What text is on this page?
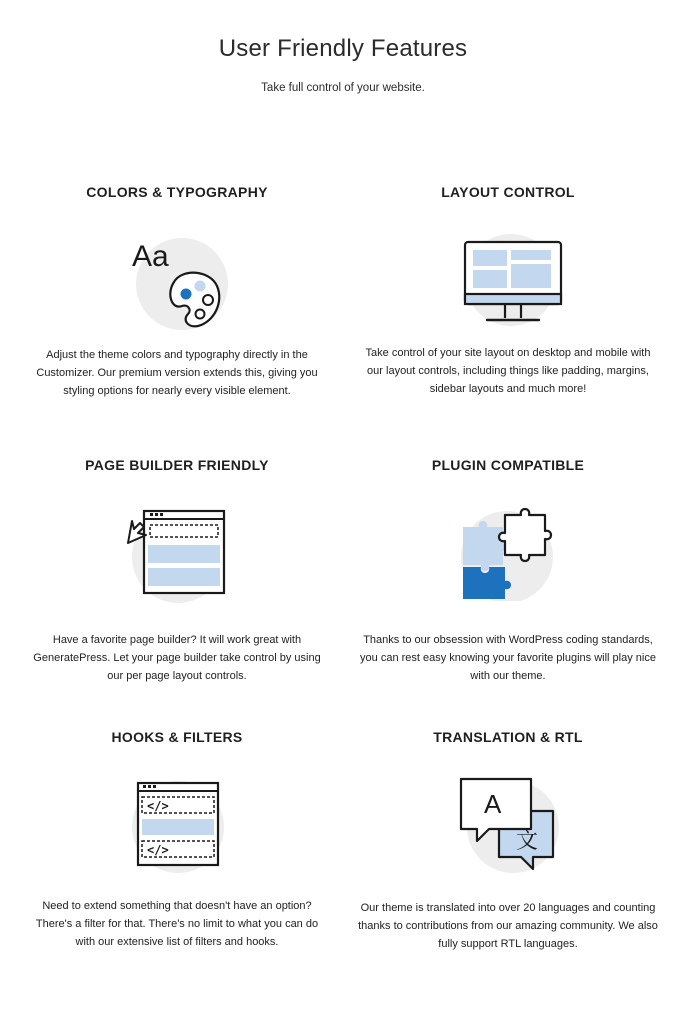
User Friendly Features
Take full control of your website.
COLORS & TYPOGRAPHY
Aa
Adjust the theme colors and typography directly in the Customizer. Our premium version extends this, giving you styling options for nearly every visible element.
LAYOUT CONTROL
Take control of your site layout on desktop and mobile with our layout controls, including things like padding, margins, sidebar layouts and much more!
PAGE BUILDER FRIENDLY
Have a favorite page builder? It will work great with GeneratePress. Let your page builder take control by using our per page layout controls.
PLUGIN COMPATIBLE
Thanks to our obsession with WordPress coding standards, you can rest easy knowing your favorite plugins will play nice with our theme.
HOOKS & FILTERS
</>
</>
Need to extend something that doesn't have an option? There's a filter for that. There's no limit to what you can do with our extensive list of filters and hooks.
TRANSLATION & RTL
文
A
Our theme is translated into over 20 languages and counting thanks to contributions from our amazing community. We also fully support RTL languages.
